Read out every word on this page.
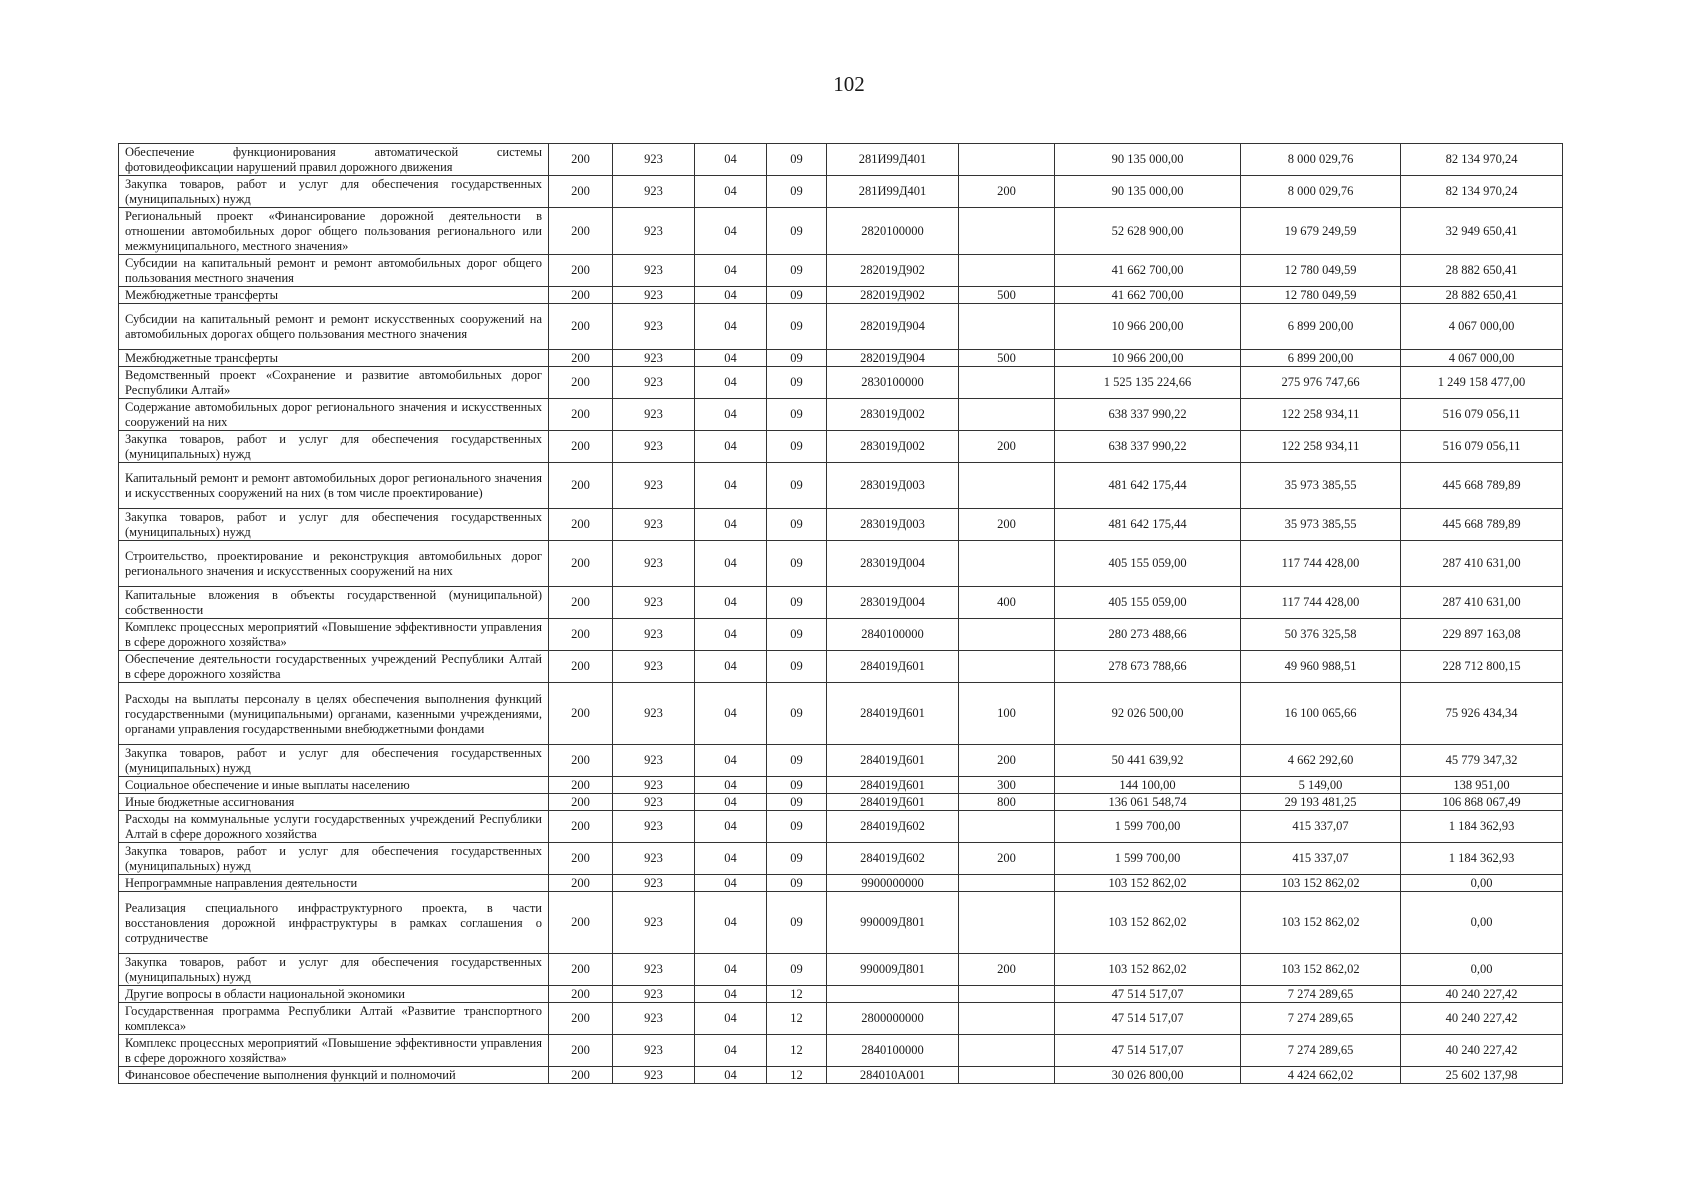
102
Обеспечение функционирования автоматической системы фотовидеофиксации нарушений правил дорожного движения	200	923	04	09	281И99Д401		90 135 000,00	8 000 029,76	82 134 970,24
Закупка товаров, работ и услуг для обеспечения государственных (муниципальных) нужд	200	923	04	09	281И99Д401	200	90 135 000,00	8 000 029,76	82 134 970,24
Региональный проект «Финансирование дорожной деятельности в отношении автомобильных дорог общего пользования регионального или межмуниципального, местного значения»	200	923	04	09	2820100000		52 628 900,00	19 679 249,59	32 949 650,41
Субсидии на капитальный ремонт и ремонт автомобильных дорог общего пользования местного значения	200	923	04	09	282019Д902		41 662 700,00	12 780 049,59	28 882 650,41
Межбюджетные трансферты	200	923	04	09	282019Д902	500	41 662 700,00	12 780 049,59	28 882 650,41
Субсидии на капитальный ремонт и ремонт искусственных сооружений на автомобильных дорогах общего пользования местного значения	200	923	04	09	282019Д904		10 966 200,00	6 899 200,00	4 067 000,00
Межбюджетные трансферты	200	923	04	09	282019Д904	500	10 966 200,00	6 899 200,00	4 067 000,00
Ведомственный проект «Сохранение и развитие автомобильных дорог Республики Алтай»	200	923	04	09	2830100000		1 525 135 224,66	275 976 747,66	1 249 158 477,00
Содержание автомобильных дорог регионального значения и искусственных сооружений на них	200	923	04	09	283019Д002		638 337 990,22	122 258 934,11	516 079 056,11
Закупка товаров, работ и услуг для обеспечения государственных (муниципальных) нужд	200	923	04	09	283019Д002	200	638 337 990,22	122 258 934,11	516 079 056,11
Капитальный ремонт и ремонт автомобильных дорог регионального значения и искусственных сооружений на них (в том числе проектирование)	200	923	04	09	283019Д003		481 642 175,44	35 973 385,55	445 668 789,89
Закупка товаров, работ и услуг для обеспечения государственных (муниципальных) нужд	200	923	04	09	283019Д003	200	481 642 175,44	35 973 385,55	445 668 789,89
Строительство, проектирование и реконструкция автомобильных дорог регионального значения и искусственных сооружений на них	200	923	04	09	283019Д004		405 155 059,00	117 744 428,00	287 410 631,00
Капитальные вложения в объекты государственной (муниципальной) собственности	200	923	04	09	283019Д004	400	405 155 059,00	117 744 428,00	287 410 631,00
Комплекс процессных мероприятий «Повышение эффективности управления в сфере дорожного хозяйства»	200	923	04	09	2840100000		280 273 488,66	50 376 325,58	229 897 163,08
Обеспечение деятельности государственных учреждений Республики Алтай в сфере дорожного хозяйства	200	923	04	09	284019Д601		278 673 788,66	49 960 988,51	228 712 800,15
Расходы на выплаты персоналу в целях обеспечения выполнения функций государственными (муниципальными) органами, казенными учреждениями, органами управления государственными внебюджетными фондами	200	923	04	09	284019Д601	100	92 026 500,00	16 100 065,66	75 926 434,34
Закупка товаров, работ и услуг для обеспечения государственных (муниципальных) нужд	200	923	04	09	284019Д601	200	50 441 639,92	4 662 292,60	45 779 347,32
Социальное обеспечение и иные выплаты населению	200	923	04	09	284019Д601	300	144 100,00	5 149,00	138 951,00
Иные бюджетные ассигнования	200	923	04	09	284019Д601	800	136 061 548,74	29 193 481,25	106 868 067,49
Расходы на коммунальные услуги государственных учреждений Республики Алтай в сфере дорожного хозяйства	200	923	04	09	284019Д602		1 599 700,00	415 337,07	1 184 362,93
Закупка товаров, работ и услуг для обеспечения государственных (муниципальных) нужд	200	923	04	09	284019Д602	200	1 599 700,00	415 337,07	1 184 362,93
Непрограммные направления деятельности	200	923	04	09	9900000000		103 152 862,02	103 152 862,02	0,00
Реализация специального инфраструктурного проекта, в части восстановления дорожной инфраструктуры в рамках соглашения о сотрудничестве	200	923	04	09	990009Д801		103 152 862,02	103 152 862,02	0,00
Закупка товаров, работ и услуг для обеспечения государственных (муниципальных) нужд	200	923	04	09	990009Д801	200	103 152 862,02	103 152 862,02	0,00
Другие вопросы в области национальной экономики	200	923	04	12			47 514 517,07	7 274 289,65	40 240 227,42
Государственная программа Республики Алтай «Развитие транспортного комплекса»	200	923	04	12	2800000000		47 514 517,07	7 274 289,65	40 240 227,42
Комплекс процессных мероприятий «Повышение эффективности управления в сфере дорожного хозяйства»	200	923	04	12	2840100000		47 514 517,07	7 274 289,65	40 240 227,42
Финансовое обеспечение выполнения функций и полномочий	200	923	04	12	284010А001		30 026 800,00	4 424 662,02	25 602 137,98
